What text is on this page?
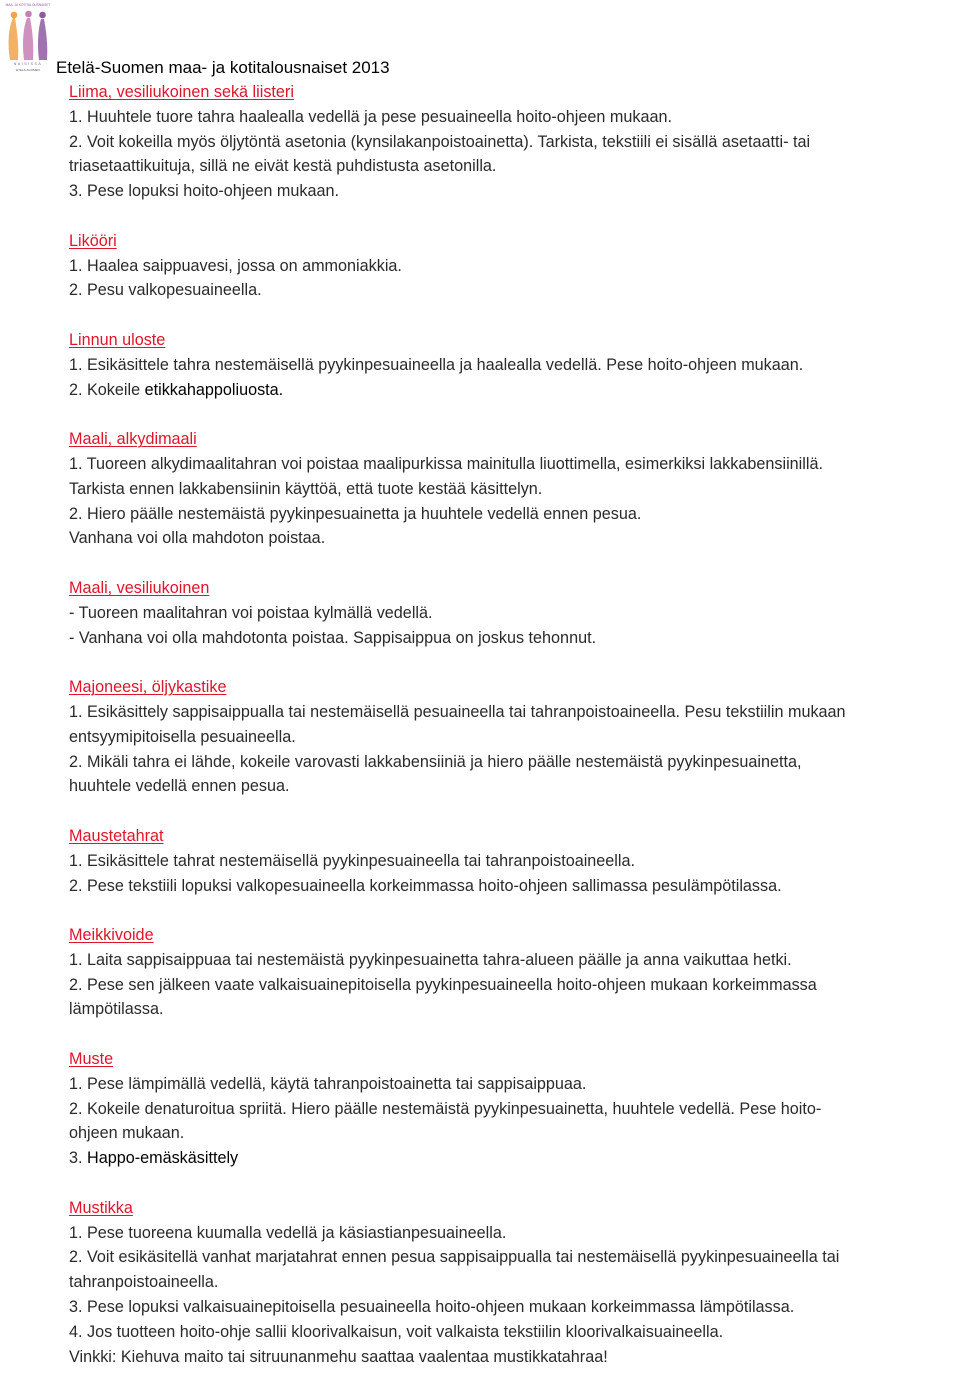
MAA- JA KOTITALOUSNAISET
NAISISSA
ETELÄ-SUOMEN Etelä-Suomen maa- ja kotitalousnaiset 2013
Liima, vesiliukoinen sekä liisteri
1. Huuhtele tuore tahra haalealla vedellä ja pese pesuaineella hoito-ohjeen mukaan.
2. Voit kokeilla myös öljytöntä asetonia (kynsilakanpoistoainetta). Tarkista, tekstiili ei sisällä asetaatti- tai
triasetaattikuituja, sillä ne eivät kestä puhdistusta asetonilla.
3. Pese lopuksi hoito-ohjeen mukaan.
Likööri
1. Haalea saippuavesi, jossa on ammoniakkia.
2. Pesu valkopesuaineella.
Linnun uloste
1. Esikäsittele tahra nestemäisellä pyykinpesuaineella ja haalealla vedellä. Pese hoito-ohjeen mukaan.
2. Kokeile etikkahappoliuosta.
Maali, alkydimaali
1. Tuoreen alkydimaalitahran voi poistaa maalipurkissa mainitulla liuottimella, esimerkiksi lakkabensiinillä.
Tarkista ennen lakkabensiinin käyttöä, että tuote kestää käsittelyn.
2. Hiero päälle nestemäistä pyykinpesuainetta ja huuhtele vedellä ennen pesua.
Vanhana voi olla mahdoton poistaa.
Maali, vesiliukoinen
- Tuoreen maalitahran voi poistaa kylmällä vedellä.
- Vanhana voi olla mahdotonta poistaa. Sappisaippua on joskus tehonnut.
Majoneesi, öljykastike
1. Esikäsittely sappisaippualla tai nestemäisellä pesuaineella tai tahranpoistoaineella. Pesu tekstiilin mukaan
entsyymipitoisella pesuaineella.
2. Mikäli tahra ei lähde, kokeile varovasti lakkabensiiniä ja hiero päälle nestemäistä pyykinpesuainetta,
huuhtele vedellä ennen pesua.
Maustetahrat
1. Esikäsittele tahrat nestemäisellä pyykinpesuaineella tai tahranpoistoaineella.
2. Pese tekstiili lopuksi valkopesuaineella korkeimmassa hoito-ohjeen sallimassa pesulämpötilassa.
Meikkivoide
1. Laita sappisaippuaa tai nestemäistä pyykinpesuainetta tahra-alueen päälle ja anna vaikuttaa hetki.
2. Pese sen jälkeen vaate valkaisuainepitoisella pyykinpesuaineella hoito-ohjeen mukaan korkeimmassa
lämpötilassa.
Muste
1. Pese lämpimällä vedellä, käytä tahranpoistoainetta tai sappisaippuaa.
2. Kokeile denaturoitua spriitä. Hiero päälle nestemäistä pyykinpesuainetta, huuhtele vedellä. Pese hoito-
ohjeen mukaan.
3. Happo-emäskäsittely
Mustikka
1. Pese tuoreena kuumalla vedellä ja käsiastianpesuaineella.
2. Voit esikäsitellä vanhat marjatahrat ennen pesua sappisaippualla tai nestemäisellä pyykinpesuaineella tai
tahranpoistoaineella.
3. Pese lopuksi valkaisuainepitoisella pesuaineella hoito-ohjeen mukaan korkeimmassa lämpötilassa.
4. Jos tuotteen hoito-ohje sallii kloorivalkaisun, voit valkaista tekstiilin kloorivalkaisuaineella.
Vinkki: Kiehuva maito tai sitruunanmehu saattaa vaalentaa mustikkatahraa!
